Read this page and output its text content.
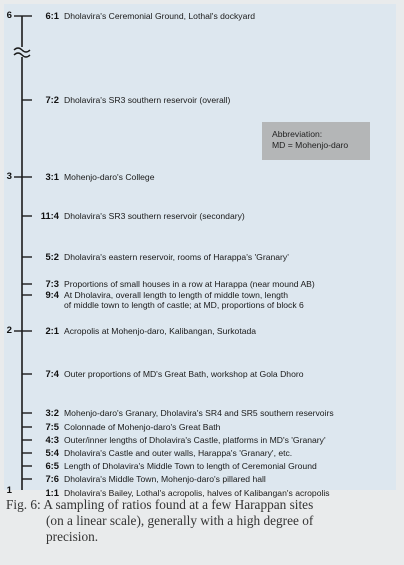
6
3
2
1
6:1 Dholavira's Ceremonial Ground, Lothal's dockyard
7:2 Dholavira's SR3 southern reservoir (overall)
3:1 Mohenjo-daro's College
11:4 Dholavira's SR3 southern reservoir (secondary)
5:2 Dholavira's eastern reservoir, rooms of Harappa's 'Granary'
7:3 Proportions of small houses in a row at Harappa (near mound AB)
9:4 At Dholavira, overall length to length of middle town, length
of middle town to length of castle; at MD, proportions of block 6
2:1 Acropolis at Mohenjo-daro, Kalibangan, Surkotada
7:4 Outer proportions of MD's Great Bath, workshop at Gola Dhoro
3:2 Mohenjo-daro's Granary, Dholavira's SR4 and SR5 southern reservoirs
7:5 Colonnade of Mohenjo-daro's Great Bath
4:3 Outer/inner lengths of Dholavira's Castle, platforms in MD's 'Granary'
5:4 Dholavira's Castle and outer walls, Harappa's 'Granary', etc.
6:5 Length of Dholavira's Middle Town to length of Ceremonial Ground
7:6 Dholavira's Middle Town, Mohenjo-daro's pillared hall
1:1 Dholavira's Bailey, Lothal's acropolis, halves of Kalibangan's acropolis
Abbreviation:
MD = Mohenjo-daro
Fig. 6: A sampling of ratios found at a few Harappan sites
(on a linear scale), generally with a high degree of
precision.
